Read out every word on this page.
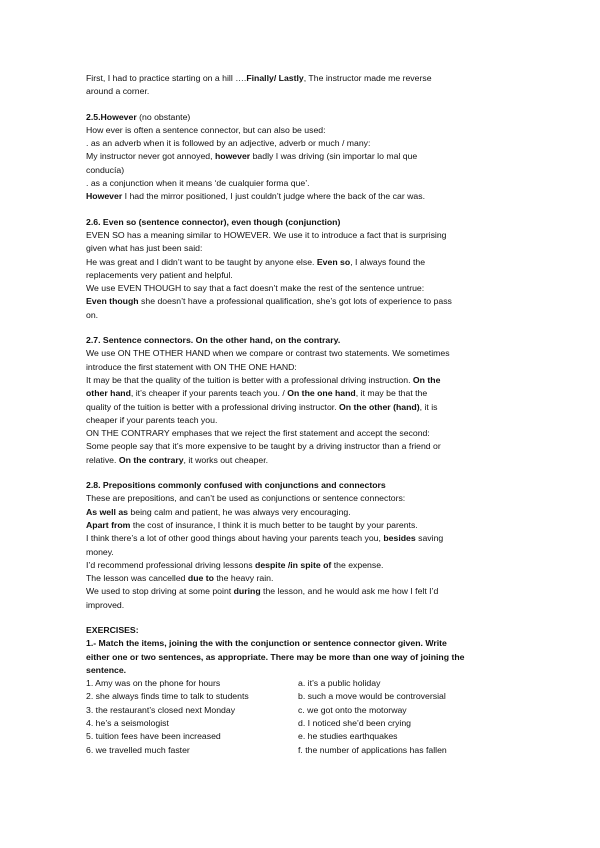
First, I had to practice starting on a hill ….Finally/ Lastly, The instructor made me reverse

around a corner.

2.5.However (no obstante)

How ever is often a sentence connector, but can also be used:

. as an adverb when it is followed by an adjective, adverb or much / many:

My instructor never got annoyed, however badly I was driving (sin importar lo mal que

conducía)

. as a conjunction when it means ‘de cualquier forma que’.

However I had the mirror positioned, I just couldn’t judge where the back of the car was.

2.6. Even so (sentence connector), even though (conjunction)

EVEN SO has a meaning similar to HOWEVER. We use it to introduce a fact that is surprising

given what has just been said:

He was great and I didn’t want to be taught by anyone else. Even so, I always found the

replacements very patient and helpful.

We use EVEN THOUGH to say that a fact doesn’t make the rest of the sentence untrue:

Even though she doesn’t have a professional qualification, she’s got lots of experience to pass

on.

2.7. Sentence connectors. On the other hand, on the contrary.

We use ON THE OTHER HAND when we compare or contrast two statements. We sometimes

introduce the first statement with ON THE ONE HAND:

It may be that the quality of the tuition is better with a professional driving instruction. On the

other hand, it’s cheaper if your parents teach you. / On the one hand, it may be that the

quality of the tuition is better with a professional driving instructor. On the other (hand), it is

cheaper if your parents teach you.

ON THE CONTRARY emphases that we reject the first statement and accept the second:

Some people say that it’s more expensive to be taught by a driving instructor than a friend or

relative. On the contrary, it works out cheaper.

2.8. Prepositions commonly confused with conjunctions and connectors

These are prepositions, and can’t be used as conjunctions or sentence connectors:

As well as being calm and patient, he was always very encouraging.

Apart from the cost of insurance, I think it is much better to be taught by your parents.

I think there’s a lot of other good things about having your parents teach you, besides saving

money.

I’d recommend professional driving lessons despite /in spite of the expense.

The lesson was cancelled due to the heavy rain.

We used to stop driving at some point during the lesson, and he would ask me how I felt I’d

improved.

EXERCISES:

1.- Match the items, joining the with the conjunction or sentence connector given. Write

either one or two sentences, as appropriate. There may be more than one way of joining the

sentence.

1. Amy was on the phone for hours	a. it’s a public holiday
2. she always finds time to talk to students	b. such a move would be controversial
3. the restaurant’s closed next Monday	c. we got onto the motorway
4. he’s a seismologist	d. I noticed she’d been crying
5. tuition fees have been increased	e. he studies earthquakes
6. we travelled much faster	f. the number of applications has fallen
